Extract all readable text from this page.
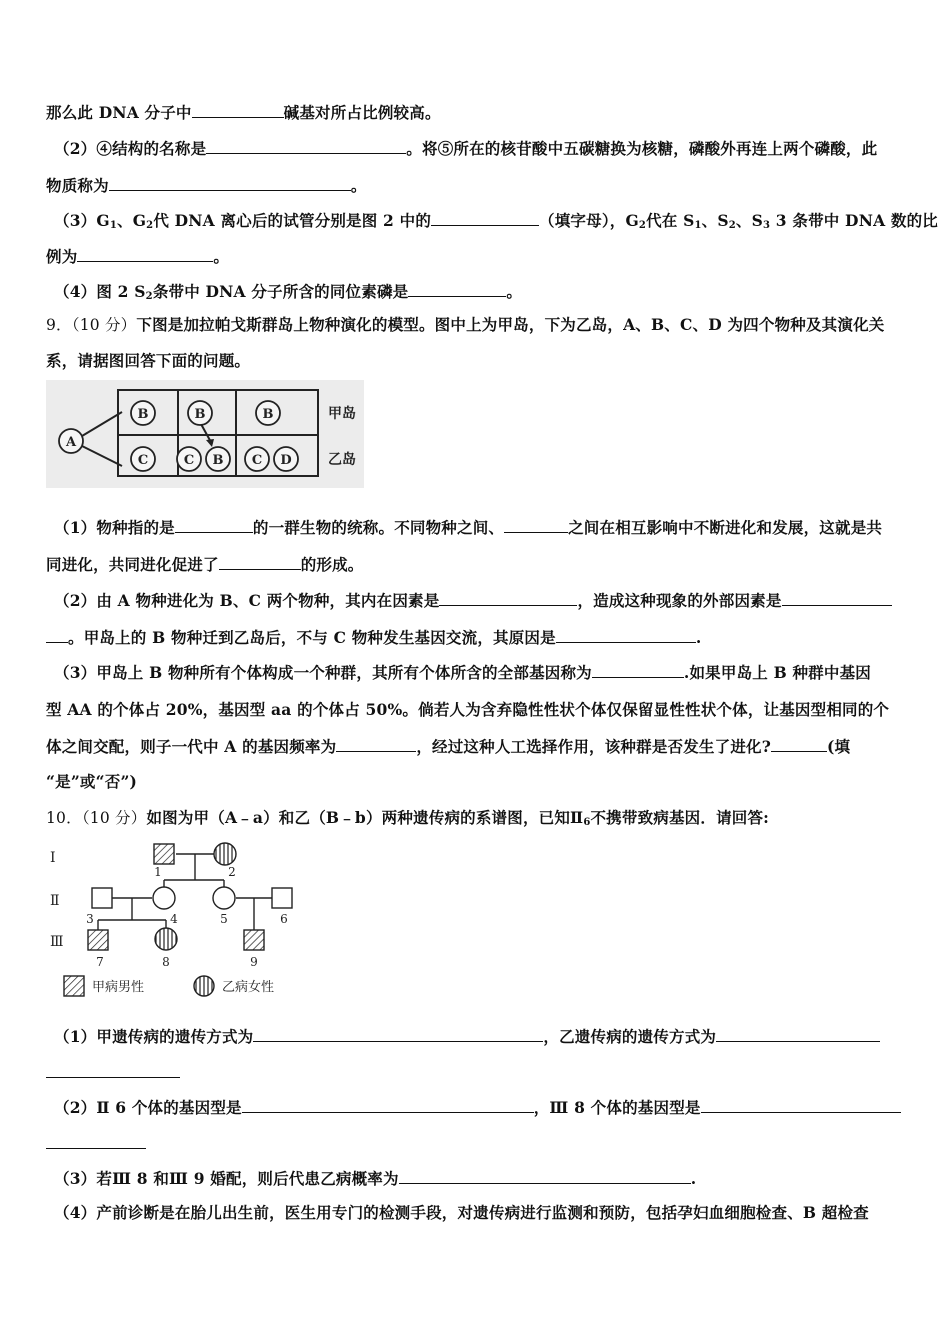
那么此 DNA 分子中	碱基对所占比例较高。
（2）④结构的名称是	。将⑤所在的核苷酸中五碳糖换为核糖，磷酸外再连上两个磷酸，此
物质称为	。
$(3)G_1$、$G_2$代 DNA 离心后的试管分别是图 2 中的	（填字母），$G_2$代在 $S_1$、$S_2$、$S_3$ 3 条带中 DNA 数的比
例为	。
（4）图 2 $S_2$条带中 DNA 分子所含的同位素磷是	。
9．（10 分）下图是加拉帕戈斯群岛上物种演化的模型。图中上为甲岛，下为乙岛，A、B、C、D 为四个物种及其演化关
系，请据图回答下面的问题。
A
B	B	B
C	C B C D
甲岛
乙岛
（1）物种指的是	的一群生物的统称。不同物种之间、	之间在相互影响中不断进化和发展，这就是共
同进化，共同进化促进了	的形成。
（2）由 A 物种进化为 B、C 两个物种，其内在因素是	，造成这种现象的外部因素是
。甲岛上的 B 物种迁到乙岛后，不与 C 物种发生基因交流，其原因是	.
（3）甲岛上 B 物种所有个体构成一个种群，其所有个体所含的全部基因称为	.如果甲岛上 B 种群中基因
型 AA 的个体占 20%，基因型 aa 的个体占 50%。倘若人为含弃隐性性状个体仅保留显性性状个体，让基因型相同的个
体之间交配，则子一代中 A 的基因频率为	，经过这种人工选择作用，该种群是否发生了进化?	(填
“是”或“否”)
10．（10 分）如图为甲（A﹣a）和乙（B﹣b）两种遗传病的系谱图，已知$Ⅱ_6$不携带致病基因．请回答:
Ⅰ
Ⅱ
Ⅲ
1	2
3	4	5	6
7	8	9
甲病男性	乙病女性
（1）甲遗传病的遗传方式为	，乙遗传病的遗传方式为
（2）Ⅱ 6 个体的基因型是	，Ⅲ 8 个体的基因型是
（3）若Ⅲ 8 和Ⅲ 9 婚配，则后代患乙病概率为	.
（4）产前诊断是在胎儿出生前，医生用专门的检测手段，对遗传病进行监测和预防，包括孕妇血细胞检查、B 超检查
